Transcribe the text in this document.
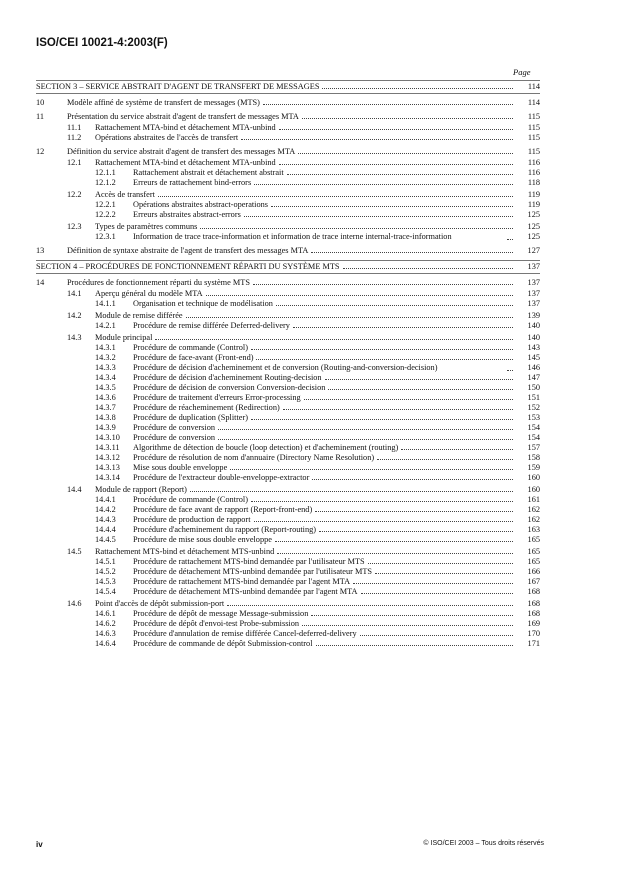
ISO/CEI 10021-4:2003(F)
Page
SECTION 3 – SERVICE ABSTRAIT D'AGENT DE TRANSFERT DE MESSAGES	114
10	Modèle affiné de système de transfert de messages (MTS)	114
11	Présentation du service abstrait d'agent de transfert de messages MTA	115
11.1 Rattachement MTA-bind et détachement MTA-unbind	115
11.2 Opérations abstraites de l'accès de transfert	115
12	Définition du service abstrait d'agent de transfert des messages MTA	115
12.1 Rattachement MTA-bind et détachement MTA-unbind	116
12.1.1 Rattachement abstrait et détachement abstrait	116
12.1.2 Erreurs de rattachement bind-errors	118
12.2 Accès de transfert	119
12.2.1 Opérations abstraites abstract-operations	119
12.2.2 Erreurs abstraites abstract-errors	125
12.3 Types de paramètres communs	125
12.3.1 Information de trace trace-information et information de trace interne internal-trace-information	125
13	Définition de syntaxe abstraite de l'agent de transfert des messages MTA	127
SECTION 4 – PROCÉDURES DE FONCTIONNEMENT RÉPARTI DU SYSTÈME MTS	137
14	Procédures de fonctionnement réparti du système MTS	137
14.1 Aperçu général du modèle MTA	137
14.1.1 Organisation et technique de modélisation	137
14.2 Module de remise différée	139
14.2.1 Procédure de remise différée Deferred-delivery	140
14.3 Module principal	140
14.3.1 Procédure de commande (Control)	143
14.3.2 Procédure de face-avant (Front-end)	145
14.3.3 Procédure de décision d'acheminement et de conversion (Routing-and-conversion-decision)	146
14.3.4 Procédure de décision d'acheminement Routing-decision	147
14.3.5 Procédure de décision de conversion Conversion-decision	150
14.3.6 Procédure de traitement d'erreurs Error-processing	151
14.3.7 Procédure de réacheminement (Redirection)	152
14.3.8 Procédure de duplication (Splitter)	153
14.3.9 Procédure de conversion	154
14.3.10 Procédure de conversion	154
14.3.11 Algorithme de détection de boucle (loop detection) et d'acheminement (routing)	157
14.3.12 Procédure de résolution de nom d'annuaire (Directory Name Resolution)	158
14.3.13 Mise sous double enveloppe	159
14.3.14 Procédure de l'extracteur double-enveloppe-extractor	160
14.4 Module de rapport (Report)	160
14.4.1 Procédure de commande (Control)	161
14.4.2 Procédure de face avant de rapport (Report-front-end)	162
14.4.3 Procédure de production de rapport	162
14.4.4 Procédure d'acheminement du rapport (Report-routing)	163
14.4.5 Procédure de mise sous double enveloppe	165
14.5 Rattachement MTS-bind et détachement MTS-unbind	165
14.5.1 Procédure de rattachement MTS-bind demandée par l'utilisateur MTS	165
14.5.2 Procédure de détachement MTS-unbind demandée par l'utilisateur MTS	166
14.5.3 Procédure de rattachement MTS-bind demandée par l'agent MTA	167
14.5.4 Procédure de détachement MTS-unbind demandée par l'agent MTA	168
14.6 Point d'accès de dépôt submission-port	168
14.6.1 Procédure de dépôt de message Message-submission	168
14.6.2 Procédure de dépôt d'envoi-test Probe-submission	169
14.6.3 Procédure d'annulation de remise différée Cancel-deferred-delivery	170
14.6.4 Procédure de commande de dépôt Submission-control	171
iv	© ISO/CEI 2003 – Tous droits réservés
